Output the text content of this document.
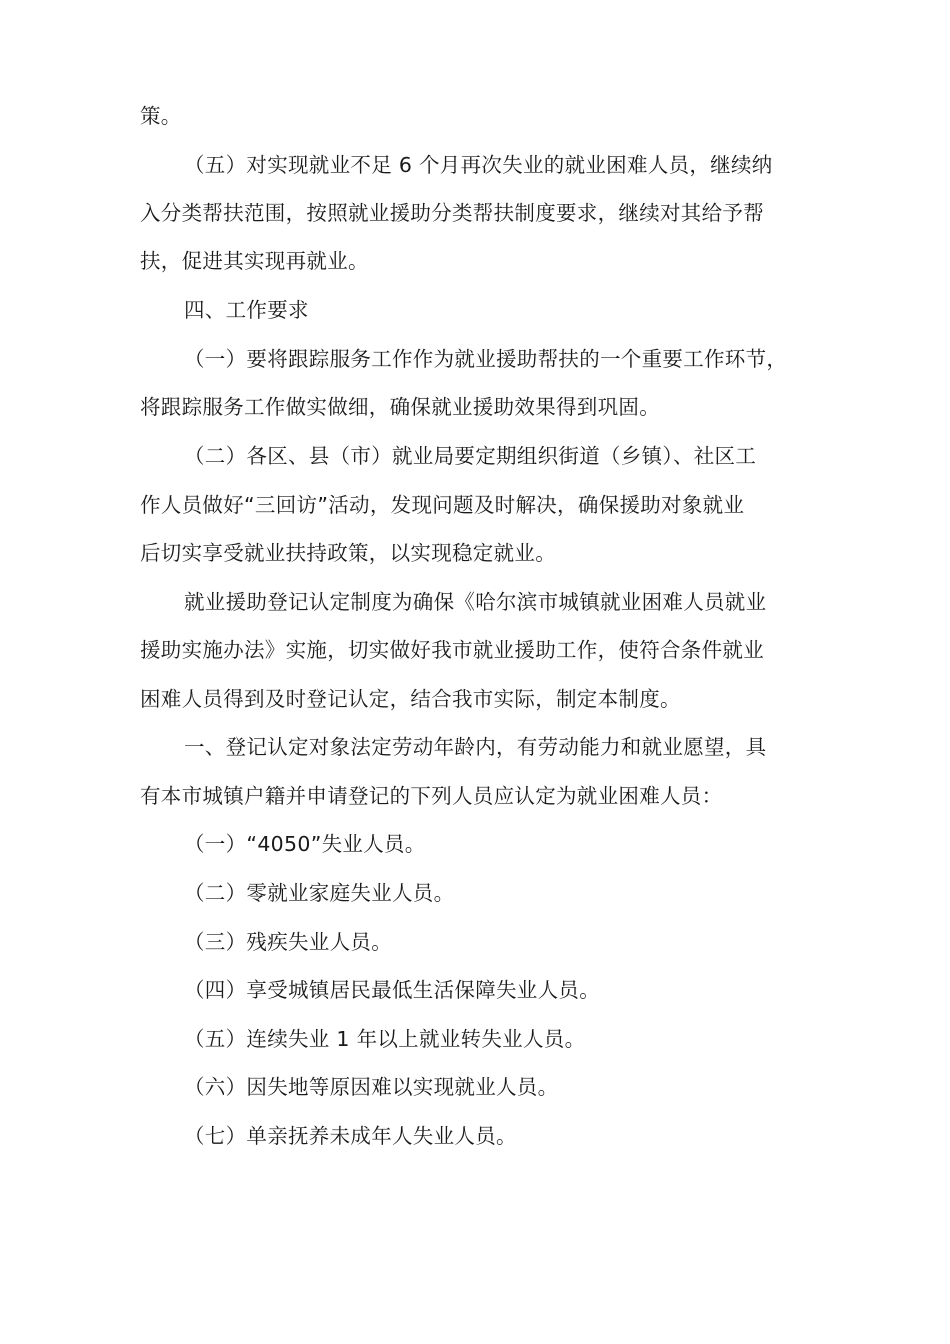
策。
（五）对实现就业不足 6 个月再次失业的就业困难人员，继续纳
入分类帮扶范围，按照就业援助分类帮扶制度要求，继续对其给予帮
扶，促进其实现再就业。
四、工作要求
（一）要将跟踪服务工作作为就业援助帮扶的一个重要工作环节，
将跟踪服务工作做实做细，确保就业援助效果得到巩固。
（二）各区、县（市）就业局要定期组织街道（乡镇）、社区工
作人员做好“三回访”活动，发现问题及时解决，确保援助对象就业
后切实享受就业扶持政策，以实现稳定就业。
就业援助登记认定制度为确保《哈尔滨市城镇就业困难人员就业
援助实施办法》实施，切实做好我市就业援助工作，使符合条件就业
困难人员得到及时登记认定，结合我市实际，制定本制度。
一、登记认定对象法定劳动年龄内，有劳动能力和就业愿望，具
有本市城镇户籍并申请登记的下列人员应认定为就业困难人员：
（一）“4050”失业人员。
（二）零就业家庭失业人员。
（三）残疾失业人员。
（四）享受城镇居民最低生活保障失业人员。
（五）连续失业 1 年以上就业转失业人员。
（六）因失地等原因难以实现就业人员。
（七）单亲抚养未成年人失业人员。
